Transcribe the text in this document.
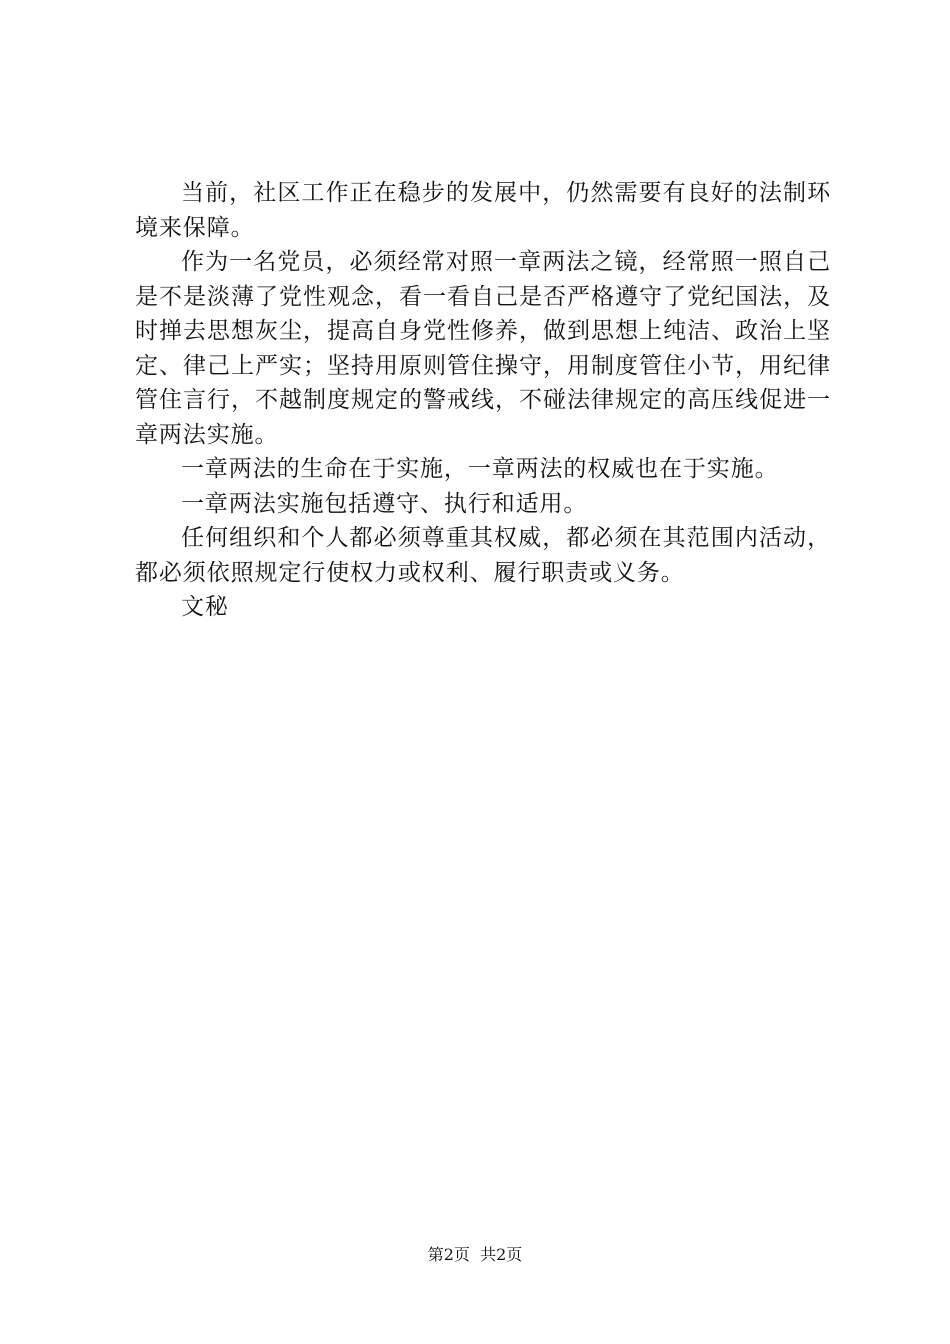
当前，社区工作正在稳步的发展中，仍然需要有良好的法制环境来保障。

作为一名党员，必须经常对照一章两法之镜，经常照一照自己是不是淡薄了党性观念，看一看自己是否严格遵守了党纪国法，及时掸去思想灰尘，提高自身党性修养，做到思想上纯洁、政治上坚定、律己上严实；坚持用原则管住操守，用制度管住小节，用纪律管住言行，不越制度规定的警戒线，不碰法律规定的高压线促进一章两法实施。

一章两法的生命在于实施，一章两法的权威也在于实施。

一章两法实施包括遵守、执行和适用。

任何组织和个人都必须尊重其权威，都必须在其范围内活动，都必须依照规定行使权力或权利、履行职责或义务。

文秘

第2页 共2页
